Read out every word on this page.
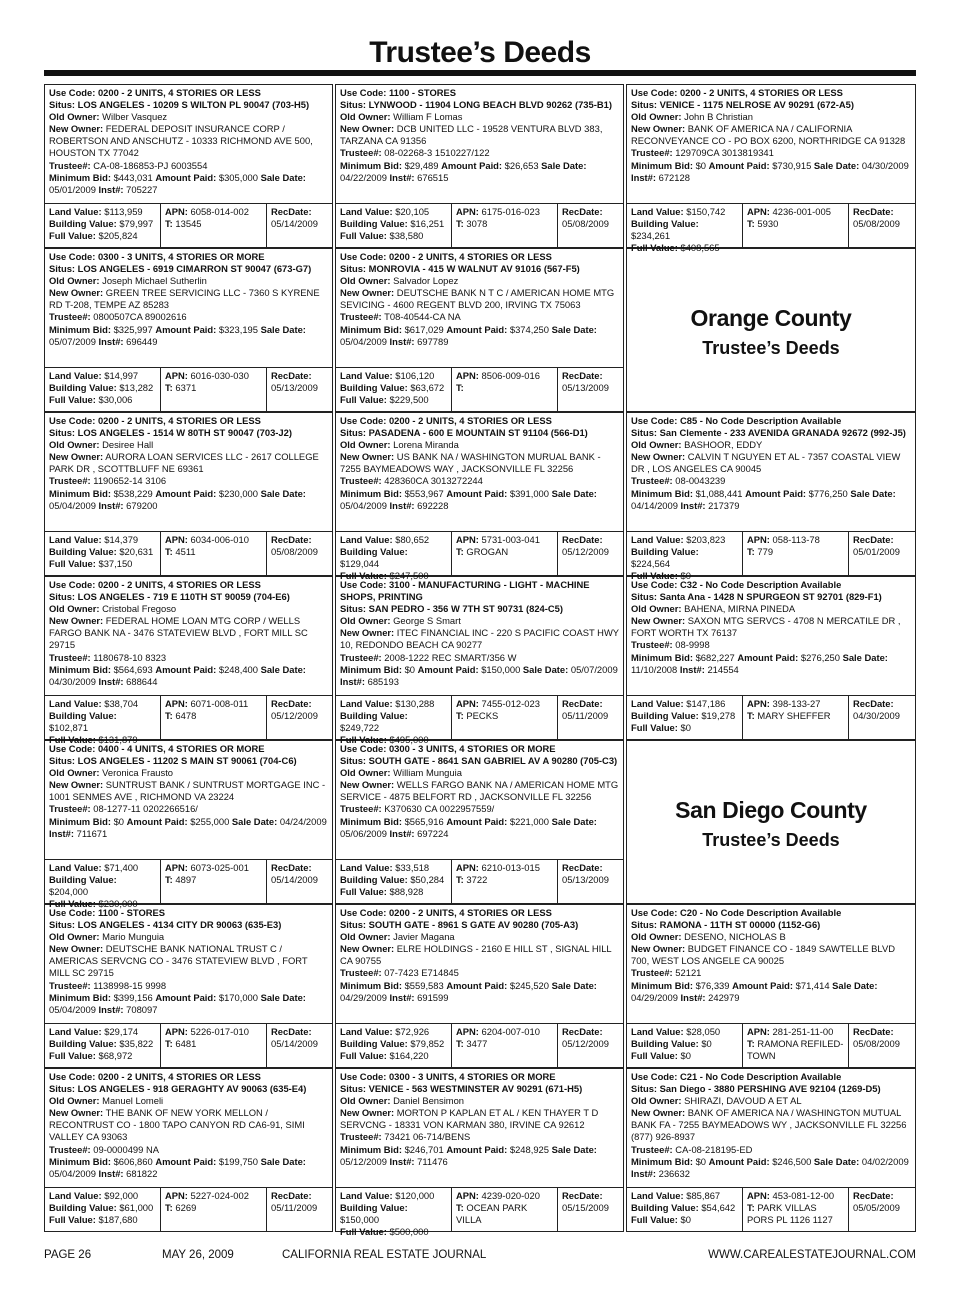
Trustee’s Deeds
Use Code: 0200 - 2 UNITS, 4 STORIES OR LESS
Situs: LOS ANGELES - 10209 S WILTON PL 90047 (703-H5)
Old Owner: Wilber Vasquez
New Owner: FEDERAL DEPOSIT INSURANCE CORP / ROBERTSON AND ANSCHUTZ - 10333 RICHMOND AVE 500, HOUSTON TX 77042
Trustee#: CA-08-186853-PJ 6003554
Minimum Bid: $443,031 Amount Paid: $305,000 Sale Date: 05/01/2009 Inst#: 705227
Land Value: $113,959
Building Value: $79,997
Full Value: $205,824
APN: 6058-014-002
T: 13545
RecDate:
05/14/2009
Use Code: 0300 - 3 UNITS, 4 STORIES OR MORE
Situs: LOS ANGELES - 6919 CIMARRON ST 90047 (673-G7)
Old Owner: Joseph Michael Sutherlin
New Owner: GREEN TREE SERVICING LLC - 7360 S KYRENE RD T-208, TEMPE AZ 85283
Trustee#: 0800507CA 89002616
Minimum Bid: $325,997 Amount Paid: $323,195 Sale Date: 05/07/2009 Inst#: 696449
Land Value: $14,997
Building Value: $13,282
Full Value: $30,006
APN: 6016-030-030
T: 6371
RecDate:
05/13/2009
Use Code: 0200 - 2 UNITS, 4 STORIES OR LESS
Situs: LOS ANGELES - 1514 W 80TH ST 90047 (703-J2)
Old Owner: Desiree Hall
New Owner: AURORA LOAN SERVICES LLC - 2617 COLLEGE PARK DR , SCOTTBLUFF NE 69361
Trustee#: 1190652-14 3106
Minimum Bid: $538,229 Amount Paid: $230,000 Sale Date: 05/04/2009 Inst#: 679200
Land Value: $14,379
Building Value: $20,631
Full Value: $37,150
APN: 6034-006-010
T: 4511
RecDate:
05/08/2009
Use Code: 0200 - 2 UNITS, 4 STORIES OR LESS
Situs: LOS ANGELES - 719 E 110TH ST 90059 (704-E6)
Old Owner: Cristobal Fregoso
New Owner: FEDERAL HOME LOAN MTG CORP / WELLS FARGO BANK NA - 3476 STATEVIEW BLVD , FORT MILL SC 29715
Trustee#: 1180678-10 8323
Minimum Bid: $564,693 Amount Paid: $248,400 Sale Date: 04/30/2009 Inst#: 688644
Land Value: $38,704
Building Value: $102,871
Full Value: $131,879
APN: 6071-008-011
T: 6478
RecDate:
05/12/2009
Use Code: 0400 - 4 UNITS, 4 STORIES OR MORE
Situs: LOS ANGELES - 11202 S MAIN ST 90061 (704-C6)
Old Owner: Veronica Frausto
New Owner: SUNTRUST BANK / SUNTRUST MORTGAGE INC - 1001 SENMES AVE , RICHMOND VA 23224
Trustee#: 08-1277-11 0202266516/
Minimum Bid: $0 Amount Paid: $255,000 Sale Date: 04/24/2009 Inst#: 711671
Land Value: $71,400
Building Value: $204,000
Full Value: $230,000
APN: 6073-025-001
T: 4897
RecDate:
05/14/2009
Use Code: 1100 - STORES
Situs: LOS ANGELES - 4134 CITY DR 90063 (635-E3)
Old Owner: Mario Munguia
New Owner: DEUTSCHE BANK NATIONAL TRUST C / AMERICAS SERVCNG CO - 3476 STATEVIEW BLVD , FORT MILL SC 29715
Trustee#: 1138998-15 9998
Minimum Bid: $399,156 Amount Paid: $170,000 Sale Date: 05/04/2009 Inst#: 708097
Land Value: $29,174
Building Value: $35,822
Full Value: $68,972
APN: 5226-017-010
T: 6481
RecDate:
05/14/2009
Use Code: 0200 - 2 UNITS, 4 STORIES OR LESS
Situs: LOS ANGELES - 918 GERAGHTY AV 90063 (635-E4)
Old Owner: Manuel Lomeli
New Owner: THE BANK OF NEW YORK MELLON / RECONTRUST CO - 1800 TAPO CANYON RD CA6-91, SIMI VALLEY CA 93063
Trustee#: 09-0000499 NA
Minimum Bid: $606,860 Amount Paid: $199,750 Sale Date: 05/04/2009 Inst#: 681822
Land Value: $92,000
Building Value: $61,000
Full Value: $187,680
APN: 5227-024-002
T: 6269
RecDate:
05/11/2009
Use Code: 1100 - STORES
Situs: LYNWOOD - 11904 LONG BEACH BLVD 90262 (735-B1)
Old Owner: William F Lomas
New Owner: DCB UNITED LLC - 19528 VENTURA BLVD 383, TARZANA CA 91356
Trustee#: 08-02268-3 1510227/122
Minimum Bid: $29,489 Amount Paid: $26,653 Sale Date: 04/22/2009 Inst#: 676515
Land Value: $20,105
Building Value: $16,251
Full Value: $38,580
APN: 6175-016-023
T: 3078
RecDate:
05/08/2009
Use Code: 0200 - 2 UNITS, 4 STORIES OR LESS
Situs: MONROVIA - 415 W WALNUT AV 91016 (567-F5)
Old Owner: Salvador Lopez
New Owner: DEUTSCHE BANK N T C / AMERICAN HOME MTG SEVICING - 4600 REGENT BLVD 200, IRVING TX 75063
Trustee#: T08-40544-CA NA
Minimum Bid: $617,029 Amount Paid: $374,250 Sale Date: 05/04/2009 Inst#: 697789
Land Value: $106,120
Building Value: $63,672
Full Value: $229,500
APN: 8506-009-016
T:
RecDate:
05/13/2009
Use Code: 0200 - 2 UNITS, 4 STORIES OR LESS
Situs: PASADENA - 600 E MOUNTAIN ST 91104 (566-D1)
Old Owner: Lorena Miranda
New Owner: US BANK NA / WASHINGTON MURUAL BANK - 7255 BAYMEADOWS WAY , JACKSONVILLE FL 32256
Trustee#: 428360CA 3013272244
Minimum Bid: $553,967 Amount Paid: $391,000 Sale Date: 05/04/2009 Inst#: 692228
Land Value: $80,652
Building Value: $129,044
Full Value: $247,500
APN: 5731-003-041
T: GROGAN
RecDate:
05/12/2009
Use Code: 3100 - MANUFACTURING - LIGHT - MACHINE SHOPS, PRINTING
Situs: SAN PEDRO - 356 W 7TH ST 90731 (824-C5)
Old Owner: George S Smart
New Owner: ITEC FINANCIAL INC - 220 S PACIFIC COAST HWY 10, REDONDO BEACH CA 90277
Trustee#: 2008-1222 REC SMART/356 W
Minimum Bid: $0 Amount Paid: $150,000 Sale Date: 05/07/2009 Inst#: 685193
Land Value: $130,288
Building Value: $249,722
Full Value: $495,000
APN: 7455-012-023
T: PECKS
RecDate:
05/11/2009
Use Code: 0300 - 3 UNITS, 4 STORIES OR MORE
Situs: SOUTH GATE - 8641 SAN GABRIEL AV A 90280 (705-C3)
Old Owner: William Munguia
New Owner: WELLS FARGO BANK NA / AMERICAN HOME MTG SERVICE - 4875 BELFORT RD , JACKSONVILLE FL 32256
Trustee#: K370630 CA 0022957559/
Minimum Bid: $565,916 Amount Paid: $221,000 Sale Date: 05/06/2009 Inst#: 697224
Land Value: $33,518
Building Value: $50,284
Full Value: $88,928
APN: 6210-013-015
T: 3722
RecDate:
05/13/2009
Use Code: 0200 - 2 UNITS, 4 STORIES OR LESS
Situs: SOUTH GATE - 8961 S GATE AV 90280 (705-A3)
Old Owner: Javier Magana
New Owner: ELRE HOLDINGS - 2160 E HILL ST , SIGNAL HILL CA 90755
Trustee#: 07-7423 E714845
Minimum Bid: $559,583 Amount Paid: $245,520 Sale Date: 04/29/2009 Inst#: 691599
Land Value: $72,926
Building Value: $79,852
Full Value: $164,220
APN: 6204-007-010
T: 3477
RecDate:
05/12/2009
Use Code: 0300 - 3 UNITS, 4 STORIES OR MORE
Situs: VENICE - 563 WESTMINSTER AV 90291 (671-H5)
Old Owner: Daniel Bensimon
New Owner: MORTON P KAPLAN ET AL / KEN THAYER T D SERVCNG - 18331 VON KARMAN 380, IRVINE CA 92612
Trustee#: 73421 06-714/BENS
Minimum Bid: $246,701 Amount Paid: $248,925 Sale Date: 05/12/2009 Inst#: 711476
Land Value: $120,000
Building Value: $150,000
Full Value: $500,000
APN: 4239-020-020
T: OCEAN PARK VILLA
RecDate:
05/15/2009
Use Code: 0200 - 2 UNITS, 4 STORIES OR LESS
Situs: VENICE - 1175 NELROSE AV 90291 (672-A5)
Old Owner: John B Christian
New Owner: BANK OF AMERICA NA / CALIFORNIA RECONVEYANCE CO - PO BOX 6200, NORTHRIDGE CA 91328
Trustee#: 129709CA 3013819341
Minimum Bid: $0 Amount Paid: $730,915 Sale Date: 04/30/2009 Inst#: 672128
Land Value: $150,742
Building Value: $234,261
Full Value: $408,565
APN: 4236-001-005
T: 5930
RecDate:
05/08/2009
Orange County
Trustee’s Deeds
Use Code: C85 - No Code Description Available
Situs: San Clemente - 233 AVENIDA GRANADA 92672 (992-J5)
Old Owner: BASHOOR, EDDY
New Owner: CALVIN T NGUYEN ET AL - 7357 COASTAL VIEW DR , LOS ANGELES CA 90045
Trustee#: 08-0043239
Minimum Bid: $1,088,441 Amount Paid: $776,250 Sale Date: 04/14/2009 Inst#: 217379
Land Value: $203,823
Building Value: $224,564
Full Value: $0
APN: 058-113-78
T: 779
RecDate:
05/01/2009
Use Code: C32 - No Code Description Available
Situs: Santa Ana - 1428 N SPURGEON ST 92701 (829-F1)
Old Owner: BAHENA, MIRNA PINEDA
New Owner: SAXON MTG SERVCS - 4708 N MERCATILE DR , FORT WORTH TX 76137
Trustee#: 08-9998
Minimum Bid: $682,227 Amount Paid: $276,250 Sale Date: 11/10/2008 Inst#: 214554
Land Value: $147,186
Building Value: $19,278
Full Value: $0
APN: 398-133-27
T: MARY SHEFFER
RecDate:
04/30/2009
San Diego County
Trustee’s Deeds
Use Code: C20 - No Code Description Available
Situs: RAMONA - 11TH ST 00000 (1152-G6)
Old Owner: DESENO, NICHOLAS B
New Owner: BUDGET FINANCE CO - 1849 SAWTELLE BLVD 700, WEST LOS ANGELE CA 90025
Trustee#: 52121
Minimum Bid: $76,339 Amount Paid: $71,414 Sale Date: 04/29/2009 Inst#: 242979
Land Value: $28,050
Building Value: $0
Full Value: $0
APN: 281-251-11-00
T: RAMONA REFILED-TOWN
RecDate:
05/08/2009
Use Code: C21 - No Code Description Available
Situs: San Diego - 3880 PERSHING AVE 92104 (1269-D5)
Old Owner: SHIRAZI, DAVOUD A ET AL
New Owner: BANK OF AMERICA NA / WASHINGTON MUTUAL BANK FA - 7255 BAYMEADOWS WY , JACKSONVILLE FL 32256 (877) 926-8937
Trustee#: CA-08-218195-ED
Minimum Bid: $0 Amount Paid: $246,500 Sale Date: 04/02/2009 Inst#: 236632
Land Value: $85,867
Building Value: $54,642
Full Value: $0
APN: 453-081-12-00
T: PARK VILLAS PORS PL 1126 1127
RecDate:
05/05/2009
PAGE 26	MAY 26, 2009	CALIFORNIA REAL ESTATE JOURNAL	WWW.CAREALESTATEJOURNAL.COM
